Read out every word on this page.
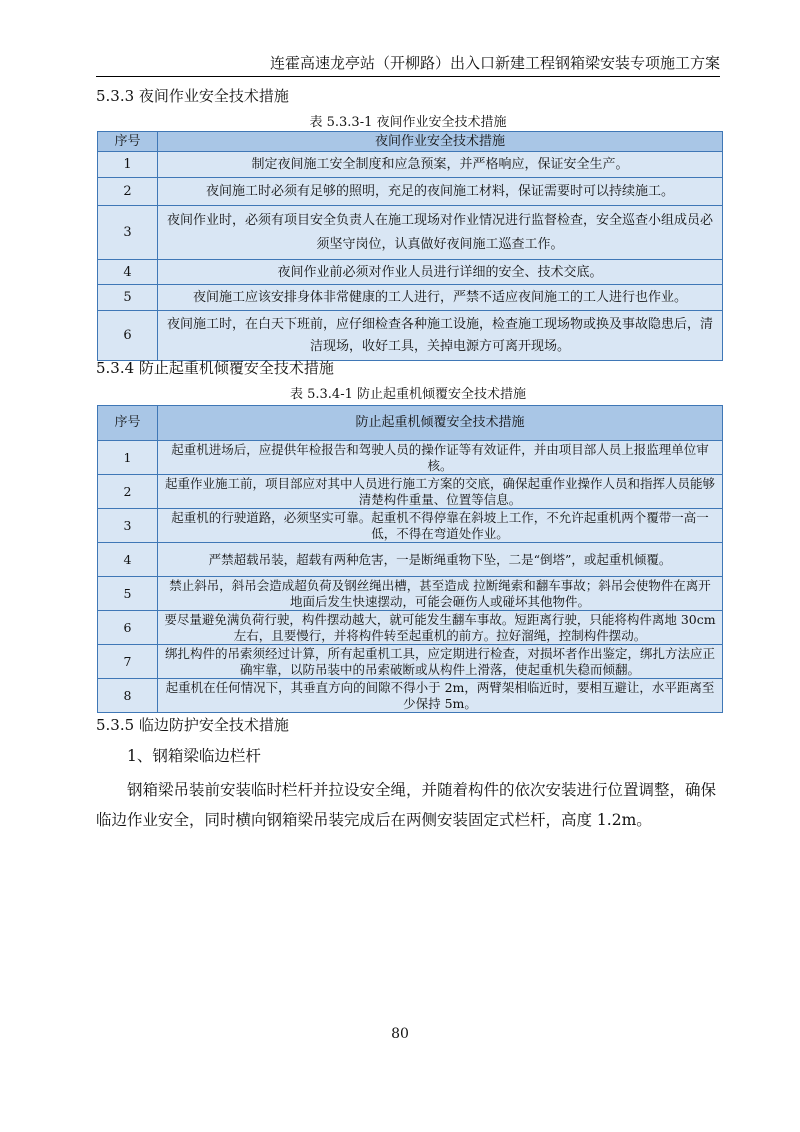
连霍高速龙亭站（开柳路）出入口新建工程钢箱梁安装专项施工方案
5.3.3 夜间作业安全技术措施
表 5.3.3-1 夜间作业安全技术措施
序号	夜间作业安全技术措施
1	制定夜间施工安全制度和应急预案，并严格响应，保证安全生产。
2	夜间施工时必须有足够的照明，充足的夜间施工材料，保证需要时可以持续施工。
3	夜间作业时，必须有项目安全负责人在施工现场对作业情况进行监督检查，安全巡查小组成员必须坚守岗位，认真做好夜间施工巡查工作。
4	夜间作业前必须对作业人员进行详细的安全、技术交底。
5	夜间施工应该安排身体非常健康的工人进行，严禁不适应夜间施工的工人进行也作业。
6	夜间施工时，在白天下班前，应仔细检查各种施工设施，检查施工现场物或换及事故隐患后，清洁现场，收好工具，关掉电源方可离开现场。
5.3.4 防止起重机倾覆安全技术措施
表 5.3.4-1 防止起重机倾覆安全技术措施
序号	防止起重机倾覆安全技术措施
1	起重机进场后，应提供年检报告和驾驶人员的操作证等有效证件，并由项目部人员上报监理单位审核。
2	起重作业施工前，项目部应对其中人员进行施工方案的交底，确保起重作业操作人员和指挥人员能够清楚构件重量、位置等信息。
3	起重机的行驶道路，必须坚实可靠。起重机不得停靠在斜坡上工作，不允许起重机两个覆带一高一低，不得在弯道处作业。
4	严禁超载吊装，超载有两种危害，一是断绳重物下坠，二是“倒塔”，或起重机倾覆。
5	禁止斜吊，斜吊会造成超负荷及钢丝绳出槽，甚至造成 拉断绳索和翻车事故；斜吊会使物件在离开地面后发生快速摆动，可能会砸伤人或碰坏其他物件。
6	要尽量避免满负荷行驶，构件摆动越大，就可能发生翻车事故。短距离行驶，只能将构件离地 30cm左右，且要慢行，并将构件转至起重机的前方。拉好溜绳，控制构件摆动。
7	绑扎构件的吊索须经过计算，所有起重机工具，应定期进行检查，对损坏者作出鉴定，绑扎方法应正确牢靠，以防吊装中的吊索破断或从构件上滑落，使起重机失稳而倾翻。
8	起重机在任何情况下，其垂直方向的间隙不得小于 2m，两臂架相临近时，要相互避让，水平距离至少保持 5m。
5.3.5 临边防护安全技术措施
1、钢箱梁临边栏杆
钢箱梁吊装前安装临时栏杆并拉设安全绳，并随着构件的依次安装进行位置调整，确保临边作业安全，同时横向钢箱梁吊装完成后在两侧安装固定式栏杆，高度 1.2m。
80
